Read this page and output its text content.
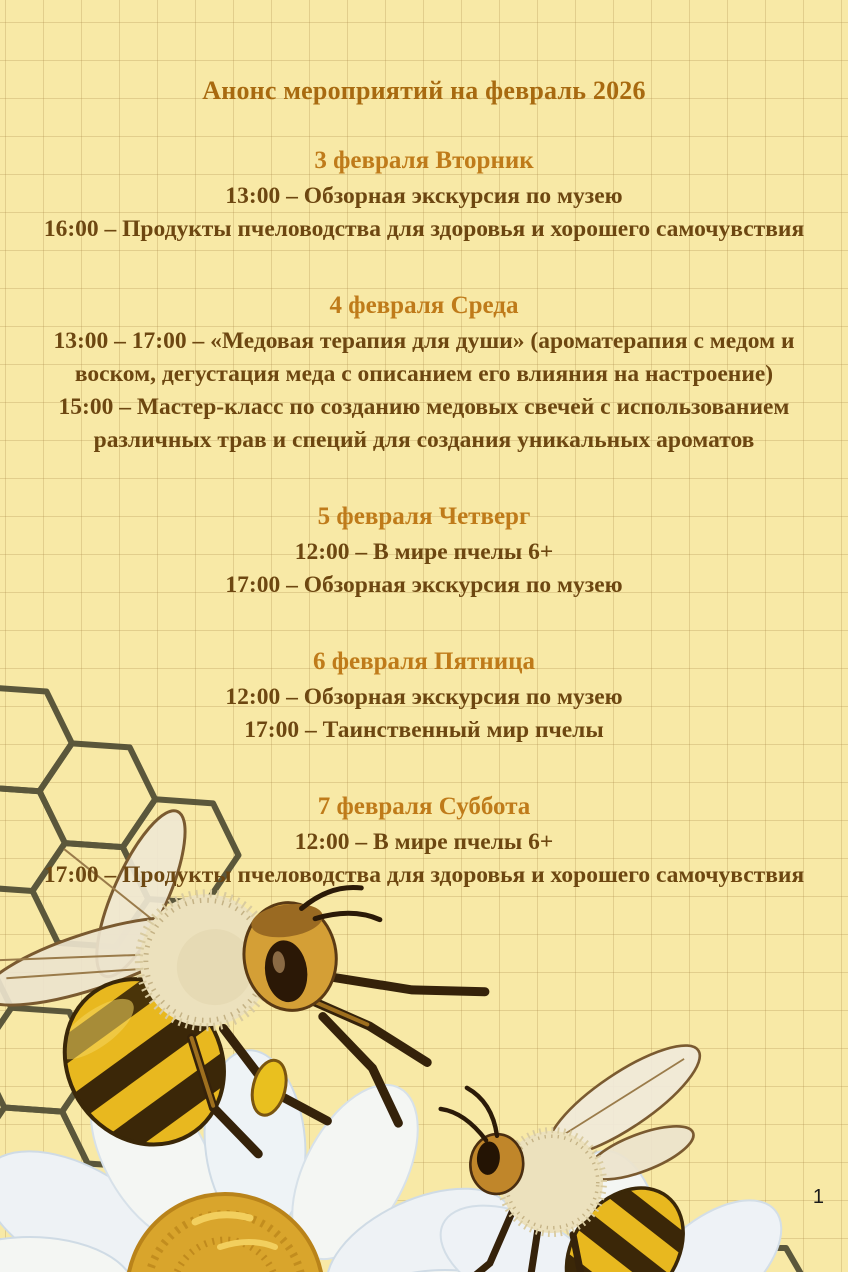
Анонс мероприятий на февраль 2026
3 февраля Вторник

13:00 – Обзорная экскурсия по музею

16:00 – Продукты пчеловодства для здоровья и хорошего самочувствия

4 февраля Среда

13:00 – 17:00 – «Медовая терапия для души» (ароматерапия с медом и воском, дегустация меда с описанием его влияния на настроение)

15:00 – Мастер-класс по созданию медовых свечей с использованием различных трав и специй для создания уникальных ароматов

5 февраля Четверг

12:00 – В мире пчелы 6+

17:00 – Обзорная экскурсия по музею

6 февраля Пятница

12:00 – Обзорная экскурсия по музею

17:00 – Таинственный мир пчелы

7 февраля Суббота

12:00 – В мире пчелы 6+

17:00 – Продукты пчеловодства для здоровья и хорошего самочувствия

1
